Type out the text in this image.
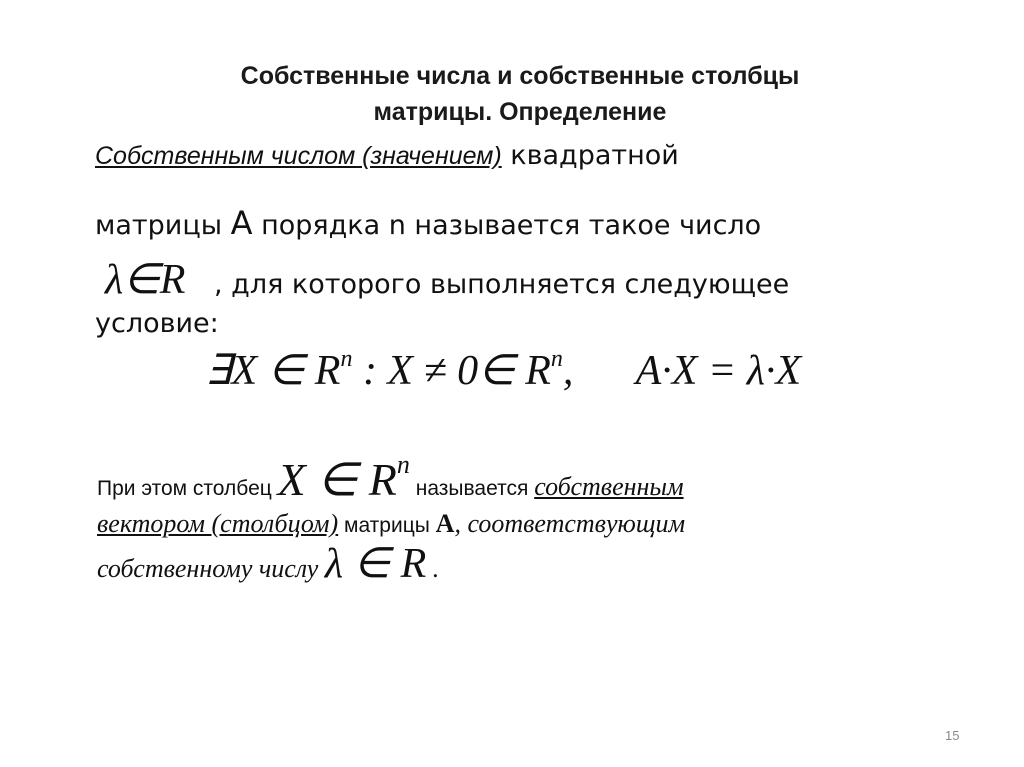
Собственные числа и собственные столбцы
матрицы. Определение

Собственным числом (значением) квадратной

матрицы А порядка n называется такое число

λ∈R , для которого выполняется следующее

условие:

∃X ∈ $R^n$ : X ≠ 0∈ $R^n$,      A·X = λ·X
При этом столбец X ∈ $R^n$ называется собственным
вектором (столбцом) матрицы A, соответствующим
собственному числу λ ∈ R .
15
